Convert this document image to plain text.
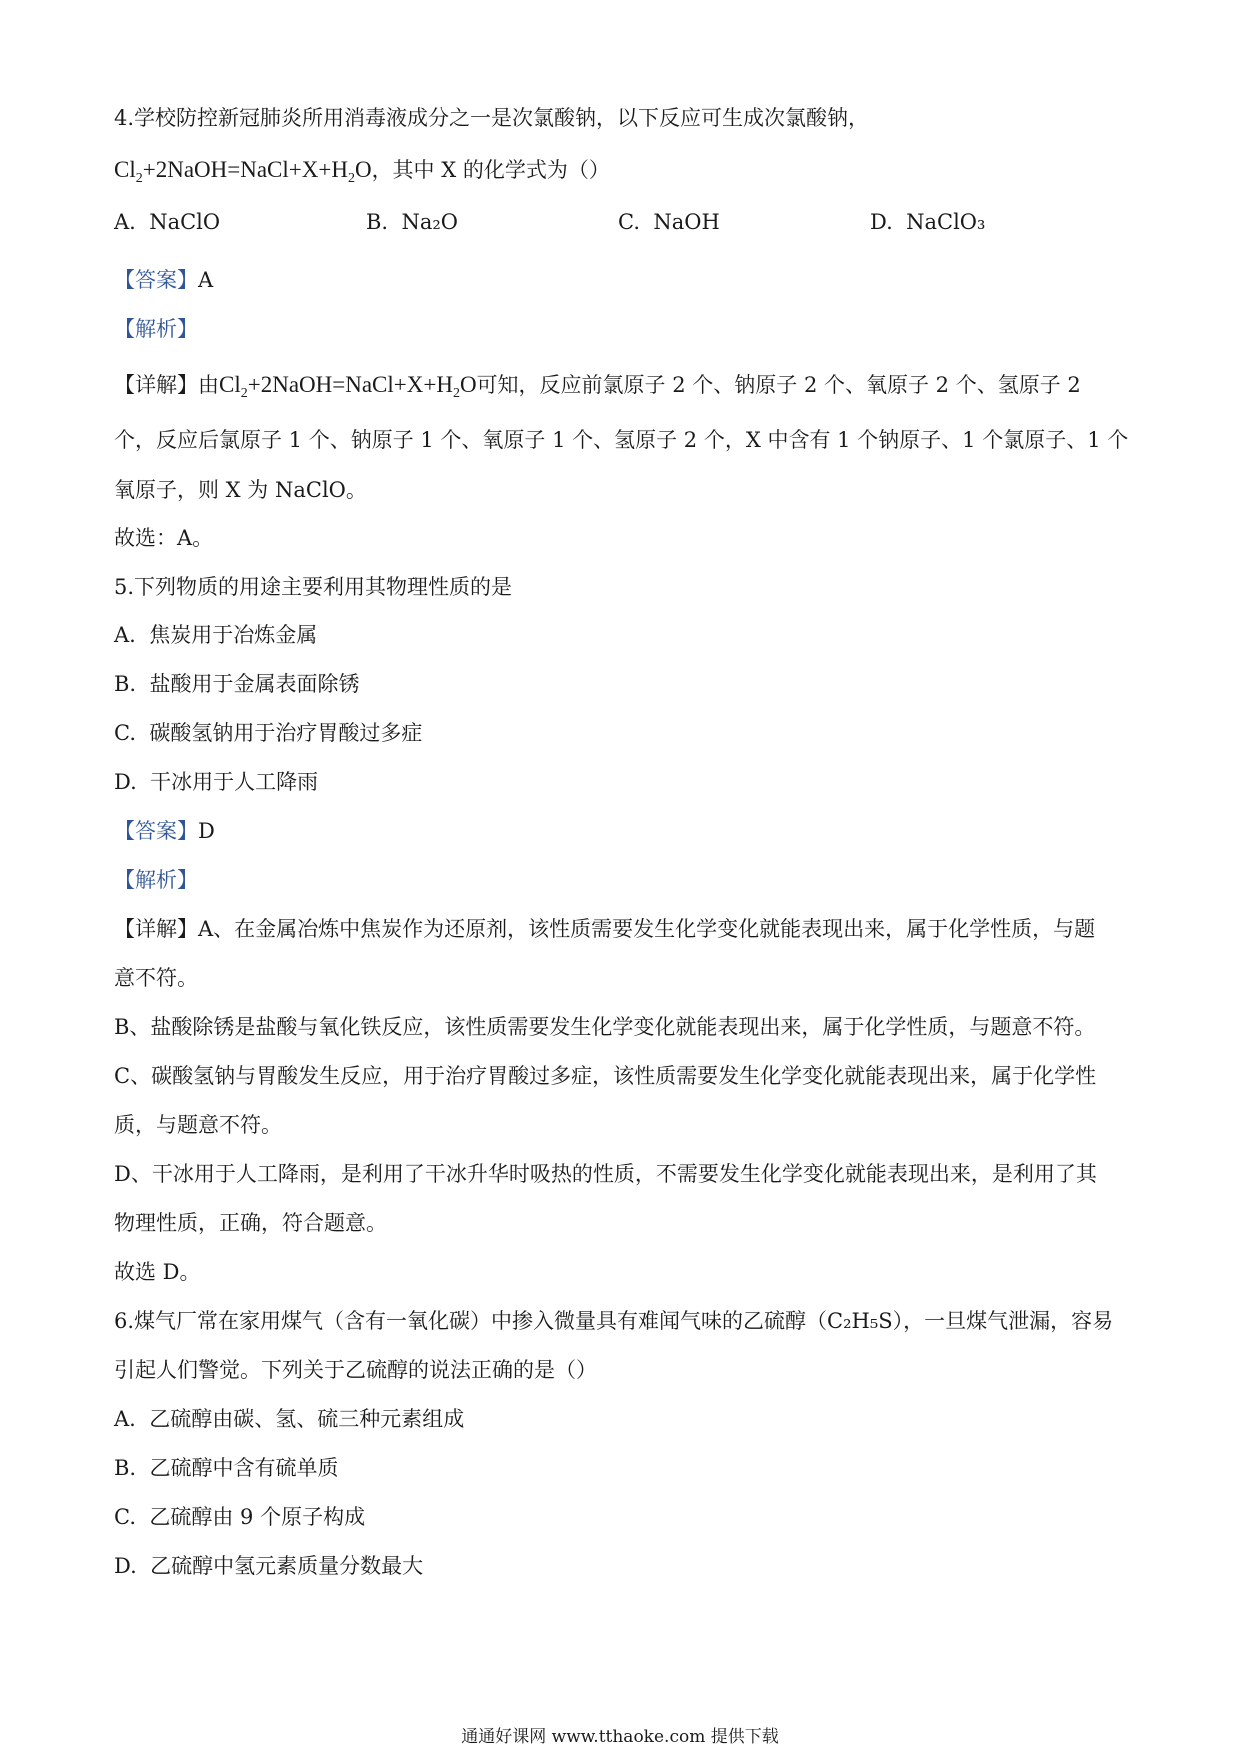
4.学校防控新冠肺炎所用消毒液成分之一是次氯酸钠，以下反应可生成次氯酸钠，
$Cl_2+2NaOH=NaCl+X+H_2O$，其中 X 的化学式为（）
A. NaClO	B. Na₂O	C. NaOH	D. NaClO₃
【答案】A
【解析】
【详解】由$Cl_2+2NaOH=NaCl+X+H_2O$可知，反应前氯原子 2 个、钠原子 2 个、氧原子 2 个、氢原子 2
个，反应后氯原子 1 个、钠原子 1 个、氧原子 1 个、氢原子 2 个，X 中含有 1 个钠原子、1 个氯原子、1 个
氧原子，则 X 为 NaClO。
故选：A。
5.下列物质的用途主要利用其物理性质的是
A. 焦炭用于冶炼金属
B. 盐酸用于金属表面除锈
C. 碳酸氢钠用于治疗胃酸过多症
D. 干冰用于人工降雨
【答案】D
【解析】
【详解】A、在金属冶炼中焦炭作为还原剂，该性质需要发生化学变化就能表现出来，属于化学性质，与题
意不符。
B、盐酸除锈是盐酸与氧化铁反应，该性质需要发生化学变化就能表现出来，属于化学性质，与题意不符。
C、碳酸氢钠与胃酸发生反应，用于治疗胃酸过多症，该性质需要发生化学变化就能表现出来，属于化学性
质，与题意不符。
D、干冰用于人工降雨，是利用了干冰升华时吸热的性质，不需要发生化学变化就能表现出来，是利用了其
物理性质，正确，符合题意。
故选 D。
6.煤气厂常在家用煤气（含有一氧化碳）中掺入微量具有难闻气味的乙硫醇（C₂H₅S），一旦煤气泄漏，容易
引起人们警觉。下列关于乙硫醇的说法正确的是（）
A. 乙硫醇由碳、氢、硫三种元素组成
B. 乙硫醇中含有硫单质
C. 乙硫醇由 9 个原子构成
D. 乙硫醇中氢元素质量分数最大
通通好课网 www.tthaoke.com 提供下载
